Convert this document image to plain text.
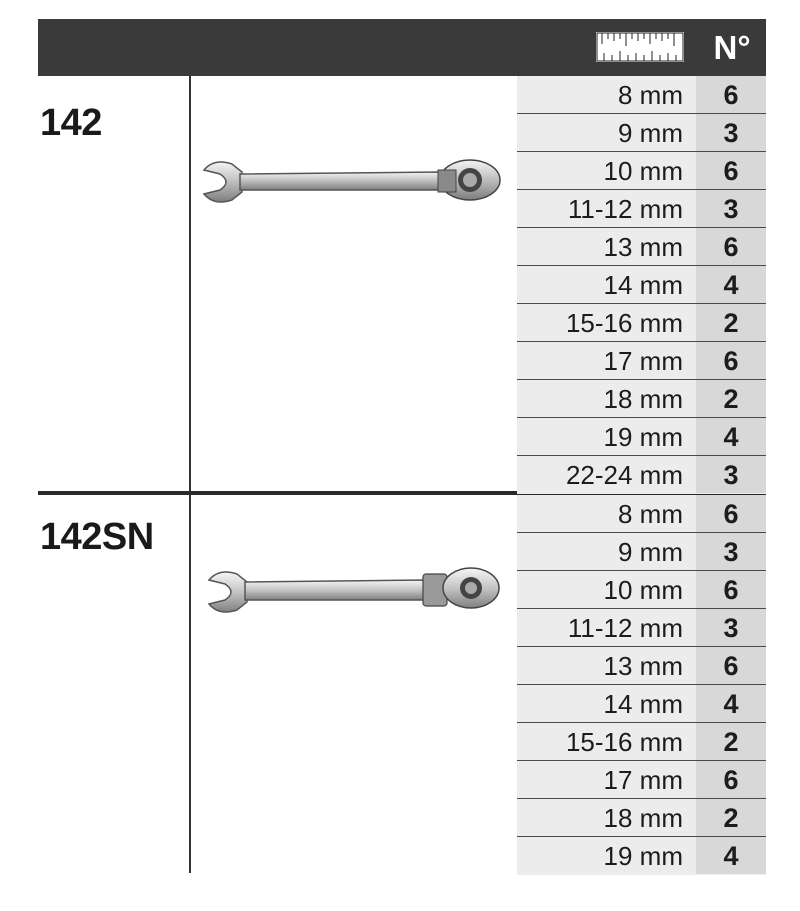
N°
142
8 mm	6
9 mm	3
10 mm	6
11-12 mm	3
13 mm	6
14 mm	4
15-16 mm	2
17 mm	6
18 mm	2
19 mm	4
22-24 mm	3
142SN
8 mm	6
9 mm	3
10 mm	6
11-12 mm	3
13 mm	6
14 mm	4
15-16 mm	2
17 mm	6
18 mm	2
19 mm	4
